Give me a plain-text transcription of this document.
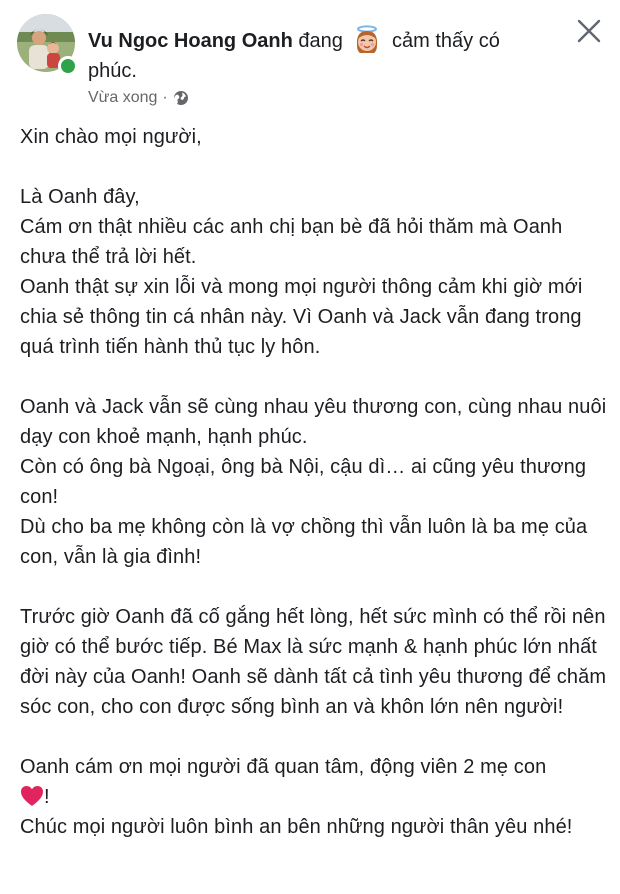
Vu Ngoc Hoang Oanh đang cảm thấy có phúc.
Vừa xong ·

Xin chào mọi người,

Là Oanh đây,
Cám ơn thật nhiều các anh chị bạn bè đã hỏi thăm mà Oanh chưa thể trả lời hết.
Oanh thật sự xin lỗi và mong mọi người thông cảm khi giờ mới chia sẻ thông tin cá nhân này. Vì Oanh và Jack vẫn đang trong quá trình tiến hành thủ tục ly hôn.

Oanh và Jack vẫn sẽ cùng nhau yêu thương con, cùng nhau nuôi dạy con khoẻ mạnh, hạnh phúc.
Còn có ông bà Ngoại, ông bà Nội, cậu dì… ai cũng yêu thương con!
Dù cho ba mẹ không còn là vợ chồng thì vẫn luôn là ba mẹ của con, vẫn là gia đình!

Trước giờ Oanh đã cố gắng hết lòng, hết sức mình có thể rồi nên giờ có thể bước tiếp. Bé Max là sức mạnh & hạnh phúc lớn nhất đời này của Oanh! Oanh sẽ dành tất cả tình yêu thương để chăm sóc con, cho con được sống bình an và khôn lớn nên người!

Oanh cám ơn mọi người đã quan tâm, động viên 2 mẹ con
!
Chúc mọi người luôn bình an bên những người thân yêu nhé!
